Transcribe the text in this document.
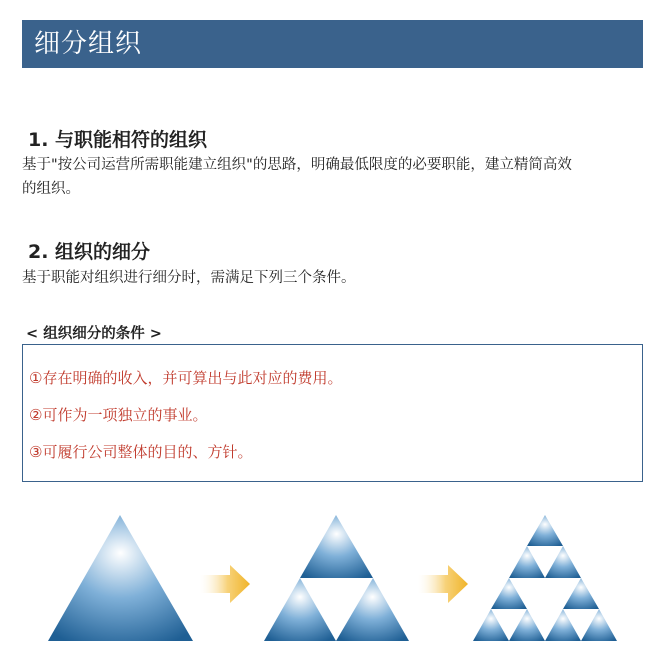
细分组织
1. 与职能相符的组织
基于"按公司运营所需职能建立组织"的思路，明确最低限度的必要职能，建立精简高效
的组织。
2. 组织的细分
基于职能对组织进行细分时，需满足下列三个条件。
< 组织细分的条件 >
①存在明确的收入，并可算出与此对应的费用。
②可作为一项独立的事业。
③可履行公司整体的目的、方针。
